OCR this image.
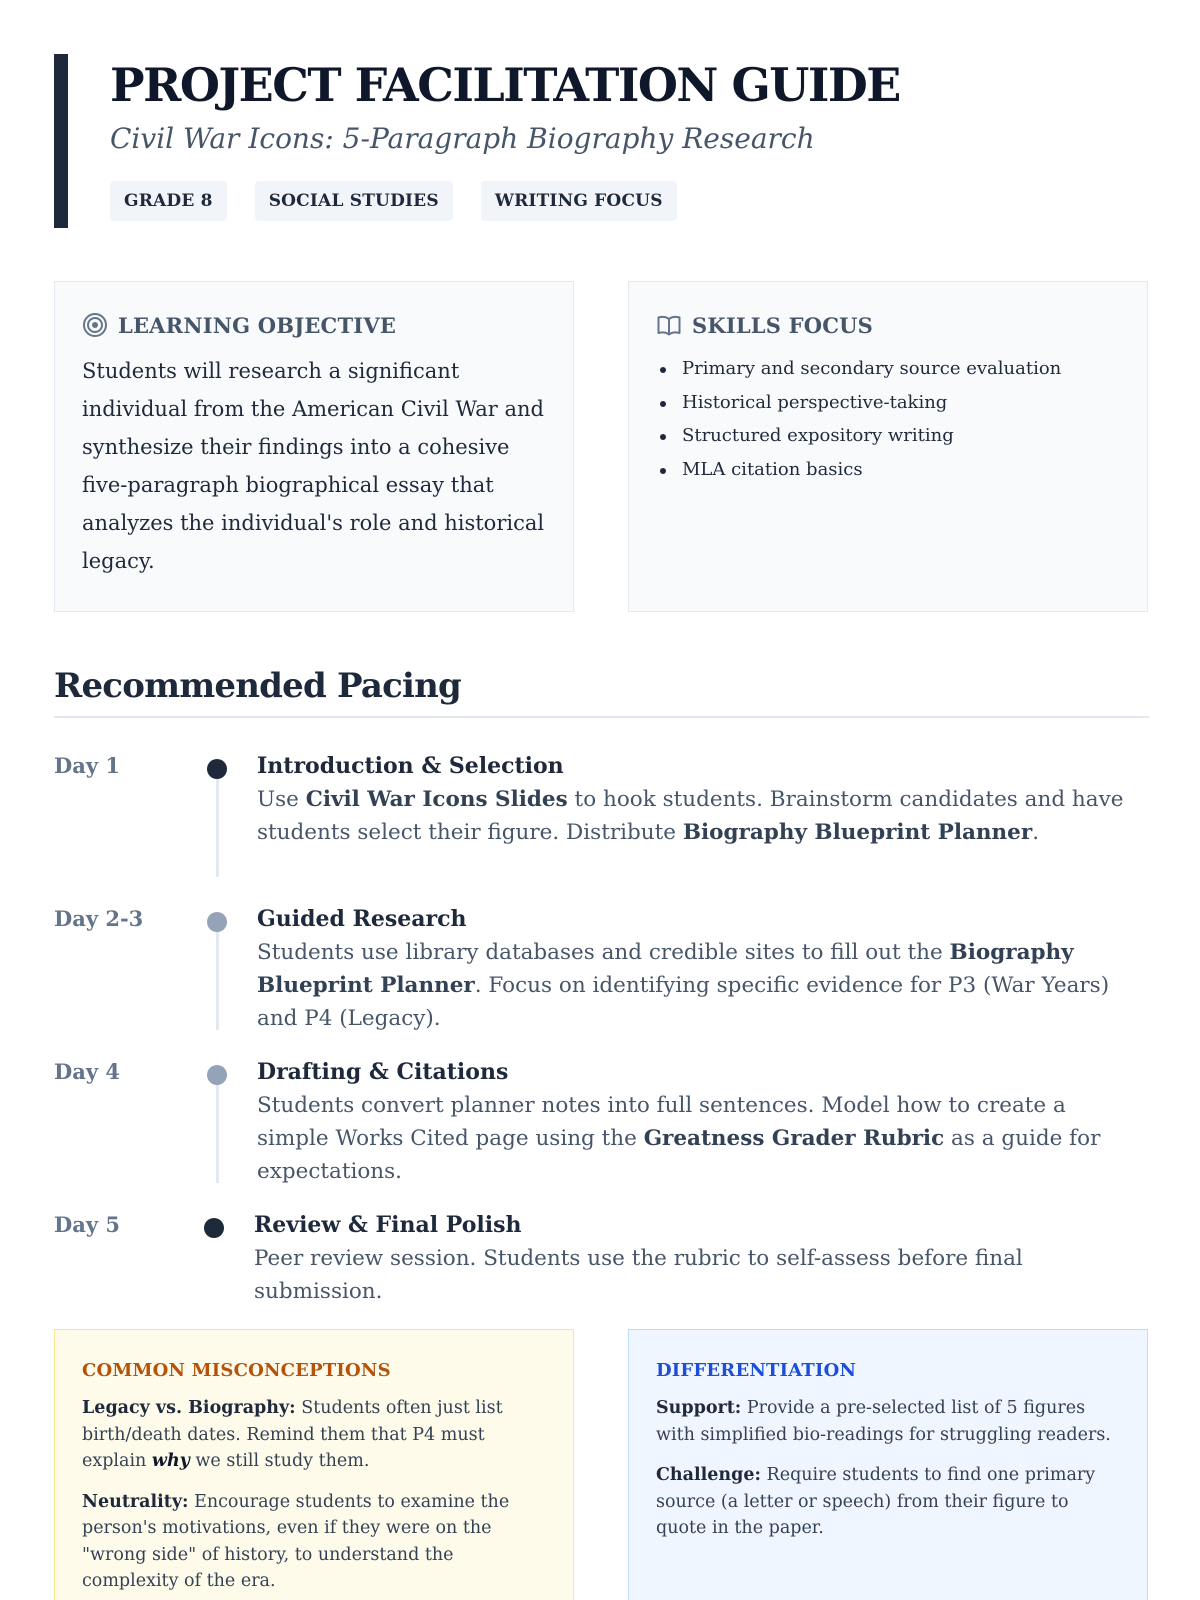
PROJECT FACILITATION GUIDE
Civil War Icons: 5-Paragraph Biography Research
GRADE 8	SOCIAL STUDIES	WRITING FOCUS
LEARNING OBJECTIVE
Students will research a significant individual from the American Civil War and synthesize their findings into a cohesive five-paragraph biographical essay that analyzes the individual's role and historical legacy.
SKILLS FOCUS
Primary and secondary source evaluation
Historical perspective-taking
Structured expository writing
MLA citation basics
Recommended Pacing
Day 1	Introduction & Selection
Use Civil War Icons Slides to hook students. Brainstorm candidates and have students select their figure. Distribute Biography Blueprint Planner.
Day 2-3	Guided Research
Students use library databases and credible sites to fill out the Biography Blueprint Planner. Focus on identifying specific evidence for P3 (War Years) and P4 (Legacy).
Day 4	Drafting & Citations
Students convert planner notes into full sentences. Model how to create a simple Works Cited page using the Greatness Grader Rubric as a guide for expectations.
Day 5	Review & Final Polish
Peer review session. Students use the rubric to self-assess before final submission.
COMMON MISCONCEPTIONS
Legacy vs. Biography: Students often just list birth/death dates. Remind them that P4 must explain why we still study them.
Neutrality: Encourage students to examine the person's motivations, even if they were on the "wrong side" of history, to understand the complexity of the era.
DIFFERENTIATION
Support: Provide a pre-selected list of 5 figures with simplified bio-readings for struggling readers.
Challenge: Require students to find one primary source (a letter or speech) from their figure to quote in the paper.
